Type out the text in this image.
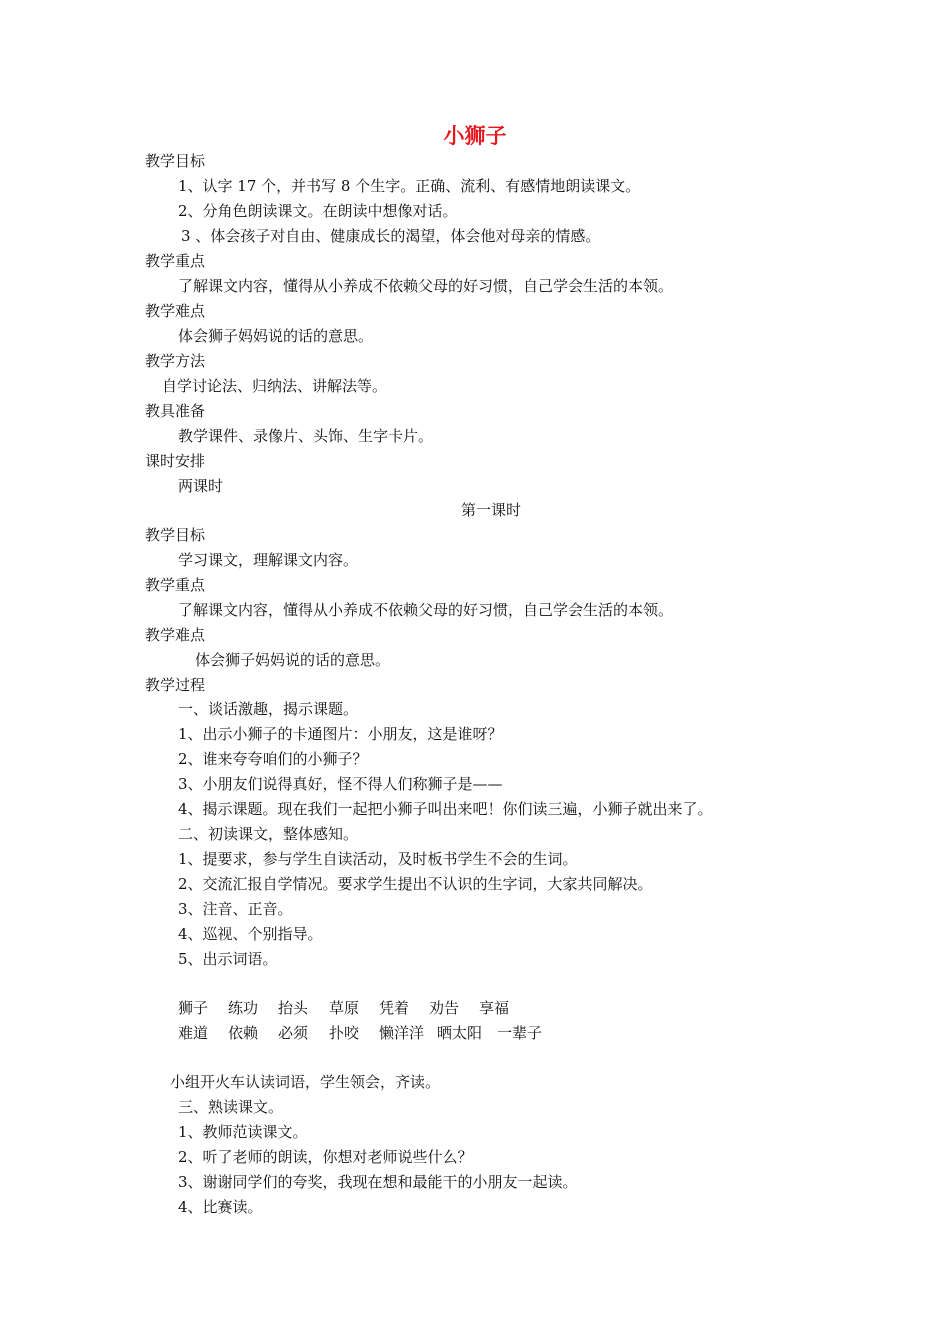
小狮子
教学目标
1、认字 17 个，并书写 8 个生字。正确、流利、有感情地朗读课文。
2、分角色朗读课文。在朗读中想像对话。
3 、体会孩子对自由、健康成长的渴望，体会他对母亲的情感。
教学重点
了解课文内容，懂得从小养成不依赖父母的好习惯，自己学会生活的本领。
教学难点
体会狮子妈妈说的话的意思。
教学方法
自学讨论法、归纳法、讲解法等。
教具准备
教学课件、录像片、头饰、生字卡片。
课时安排
两课时
第一课时
教学目标
学习课文，理解课文内容。
教学重点
了解课文内容，懂得从小养成不依赖父母的好习惯，自己学会生活的本领。
教学难点
体会狮子妈妈说的话的意思。
教学过程
一、谈话激趣，揭示课题。
1、出示小狮子的卡通图片：小朋友，这是谁呀？
2、谁来夸夸咱们的小狮子？
3、小朋友们说得真好，怪不得人们称狮子是——
4、揭示课题。现在我们一起把小狮子叫出来吧！你们读三遍，小狮子就出来了。
二、初读课文，整体感知。
1、提要求，参与学生自读活动，及时板书学生不会的生词。
2、交流汇报自学情况。要求学生提出不认识的生字词，大家共同解决。
3、注音、正音。
4、巡视、个别指导。
5、出示词语。
狮子 练功 抬头 草原 凭着 劝告 享福
难道 依赖 必须 扑咬 懒洋洋 晒太阳 一辈子
小组开火车认读词语，学生领会，齐读。
三、熟读课文。
1、教师范读课文。
2、听了老师的朗读，你想对老师说些什么？
3、谢谢同学们的夸奖，我现在想和最能干的小朋友一起读。
4、比赛读。
